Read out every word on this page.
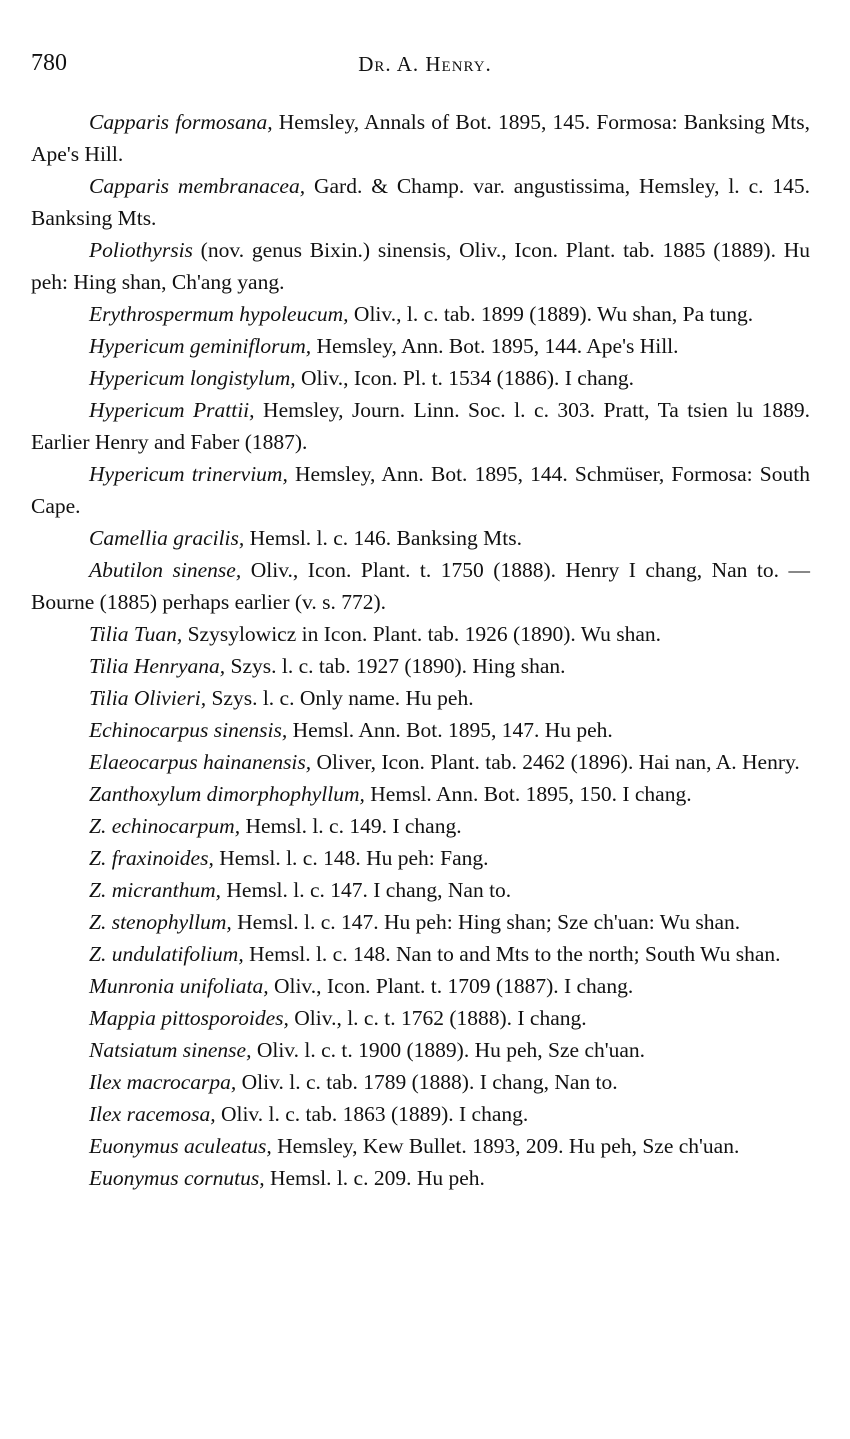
780	Dr. A. Henry.

Capparis formosana, Hemsley, Annals of Bot. 1895, 145. Formosa: Banksing Mts, Ape's Hill.

Capparis membranacea, Gard. & Champ. var. angustissima, Hemsley, l. c. 145. Banksing Mts.

Poliothyrsis (nov. genus Bixin.) sinensis, Oliv., Icon. Plant. tab. 1885 (1889). Hu peh: Hing shan, Ch'ang yang.

Erythrospermum hypoleucum, Oliv., l. c. tab. 1899 (1889). Wu shan, Pa tung.

Hypericum geminiflorum, Hemsley, Ann. Bot. 1895, 144. Ape's Hill.

Hypericum longistylum, Oliv., Icon. Pl. t. 1534 (1886). I chang.

Hypericum Prattii, Hemsley, Journ. Linn. Soc. l. c. 303. Pratt, Ta tsien lu 1889. Earlier Henry and Faber (1887).

Hypericum trinervium, Hemsley, Ann. Bot. 1895, 144. Schmüser, Formosa: South Cape.

Camellia gracilis, Hemsl. l. c. 146. Banksing Mts.

Abutilon sinense, Oliv., Icon. Plant. t. 1750 (1888). Henry I chang, Nan to. — Bourne (1885) perhaps earlier (v. s. 772).

Tilia Tuan, Szysylowicz in Icon. Plant. tab. 1926 (1890). Wu shan.

Tilia Henryana, Szys. l. c. tab. 1927 (1890). Hing shan.

Tilia Olivieri, Szys. l. c. Only name. Hu peh.

Echinocarpus sinensis, Hemsl. Ann. Bot. 1895, 147. Hu peh.

Elaeocarpus hainanensis, Oliver, Icon. Plant. tab. 2462 (1896). Hai nan, A. Henry.

Zanthoxylum dimorphophyllum, Hemsl. Ann. Bot. 1895, 150. I chang.

Z. echinocarpum, Hemsl. l. c. 149. I chang.

Z. fraxinoides, Hemsl. l. c. 148. Hu peh: Fang.

Z. micranthum, Hemsl. l. c. 147. I chang, Nan to.

Z. stenophyllum, Hemsl. l. c. 147. Hu peh: Hing shan; Sze ch'uan: Wu shan.

Z. undulatifolium, Hemsl. l. c. 148. Nan to and Mts to the north; South Wu shan.

Munronia unifoliata, Oliv., Icon. Plant. t. 1709 (1887). I chang.

Mappia pittosporoides, Oliv., l. c. t. 1762 (1888). I chang.

Natsiatum sinense, Oliv. l. c. t. 1900 (1889). Hu peh, Sze ch'uan.

Ilex macrocarpa, Oliv. l. c. tab. 1789 (1888). I chang, Nan to.

Ilex racemosa, Oliv. l. c. tab. 1863 (1889). I chang.

Euonymus aculeatus, Hemsley, Kew Bullet. 1893, 209. Hu peh, Sze ch'uan.

Euonymus cornutus, Hemsl. l. c. 209. Hu peh.
